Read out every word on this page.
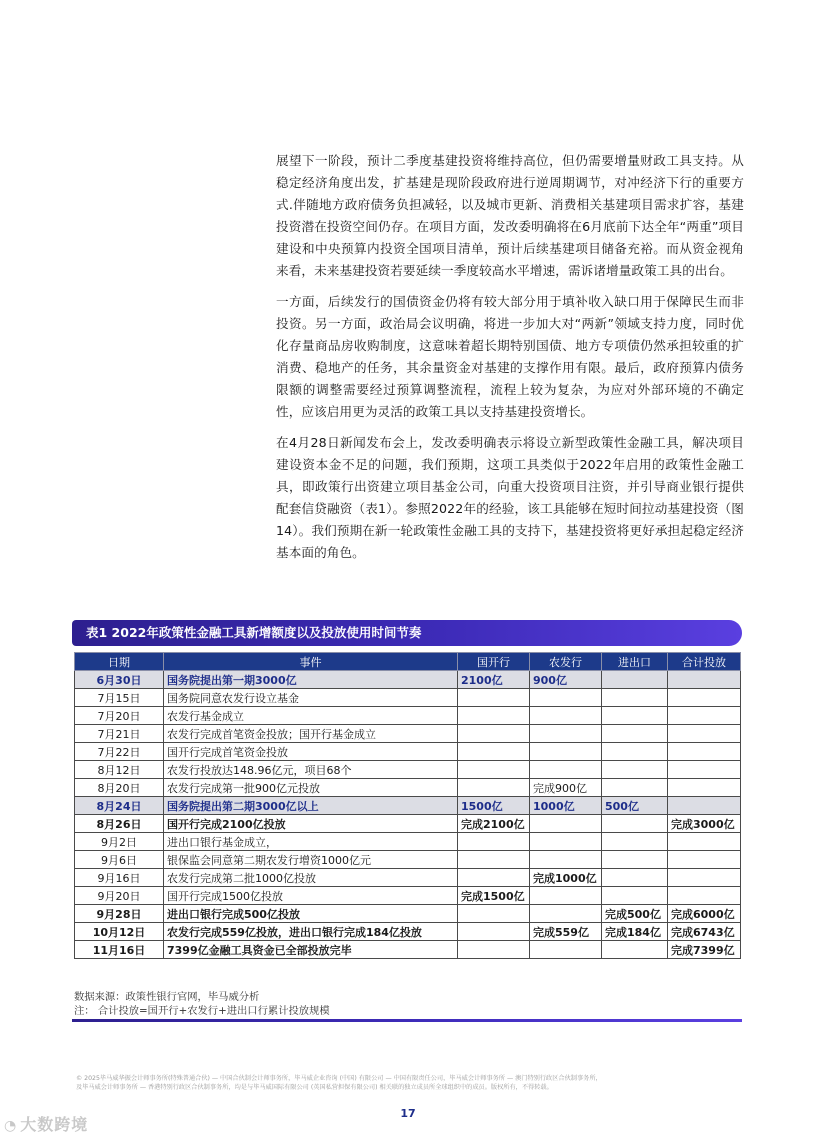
展望下一阶段，预计二季度基建投资将维持高位，但仍需要增量财政工具支持。从稳定经济角度出发，扩基建是现阶段政府进行逆周期调节，对冲经济下行的重要方式.伴随地方政府债务负担减轻，以及城市更新、消费相关基建项目需求扩容，基建投资潜在投资空间仍存。在项目方面，发改委明确将在6月底前下达全年“两重”项目建设和中央预算内投资全国项目清单，预计后续基建项目储备充裕。而从资金视角来看，未来基建投资若要延续一季度较高水平增速，需诉诸增量政策工具的出台。

一方面，后续发行的国债资金仍将有较大部分用于填补收入缺口用于保障民生而非投资。另一方面，政治局会议明确，将进一步加大对“两新”领域支持力度，同时优化存量商品房收购制度，这意味着超长期特别国债、地方专项债仍然承担较重的扩消费、稳地产的任务，其余量资金对基建的支撑作用有限。最后，政府预算内债务限额的调整需要经过预算调整流程，流程上较为复杂，为应对外部环境的不确定性，应该启用更为灵活的政策工具以支持基建投资增长。

在4月28日新闻发布会上，发改委明确表示将设立新型政策性金融工具，解决项目建设资本金不足的问题，我们预期，这项工具类似于2022年启用的政策性金融工具，即政策行出资建立项目基金公司，向重大投资项目注资，并引导商业银行提供配套信贷融资（表1）。参照2022年的经验，该工具能够在短时间拉动基建投资（图14）。我们预期在新一轮政策性金融工具的支持下，基建投资将更好承担起稳定经济基本面的角色。

表1 2022年政策性金融工具新增额度以及投放使用时间节奏
日期	事件	国开行	农发行	进出口	合计投放
6月30日	国务院提出第一期3000亿	2100亿	900亿		
7月15日	国务院同意农发行设立基金				
7月20日	农发行基金成立				
7月21日	农发行完成首笔资金投放；国开行基金成立				
7月22日	国开行完成首笔资金投放				
8月12日	农发行投放达148.96亿元，项目68个				
8月20日	农发行完成第一批900亿元投放		完成900亿		
8月24日	国务院提出第二期3000亿以上	1500亿	1000亿	500亿	
8月26日	国开行完成2100亿投放	完成2100亿			完成3000亿
9月2日	进出口银行基金成立，				
9月6日	银保监会同意第二期农发行增资1000亿元				
9月16日	农发行完成第二批1000亿投放		完成1000亿		
9月20日	国开行完成1500亿投放	完成1500亿			
9月28日	进出口银行完成500亿投放			完成500亿	完成6000亿
10月12日	农发行完成559亿投放，进出口银行完成184亿投放		完成559亿	完成184亿	完成6743亿
11月16日	7399亿金融工具资金已全部投放完毕				完成7399亿
数据来源：政策性银行官网，毕马威分析
注： 合计投放=国开行+农发行+进出口行累计投放规模
© 2025毕马威华振会计师事务所(特殊普通合伙) — 中国合伙制会计师事务所，毕马威企业咨询 (中国) 有限公司 — 中国有限责任公司，毕马威会计师事务所 — 澳门特别行政区合伙制事务所，
及毕马威会计师事务所 — 香港特别行政区合伙制事务所，均是与毕马威国际有限公司 (英国私营担保有限公司) 相关联的独立成员所全球组织中的成员。版权所有，不得转载。
17
◔ 大数跨境
